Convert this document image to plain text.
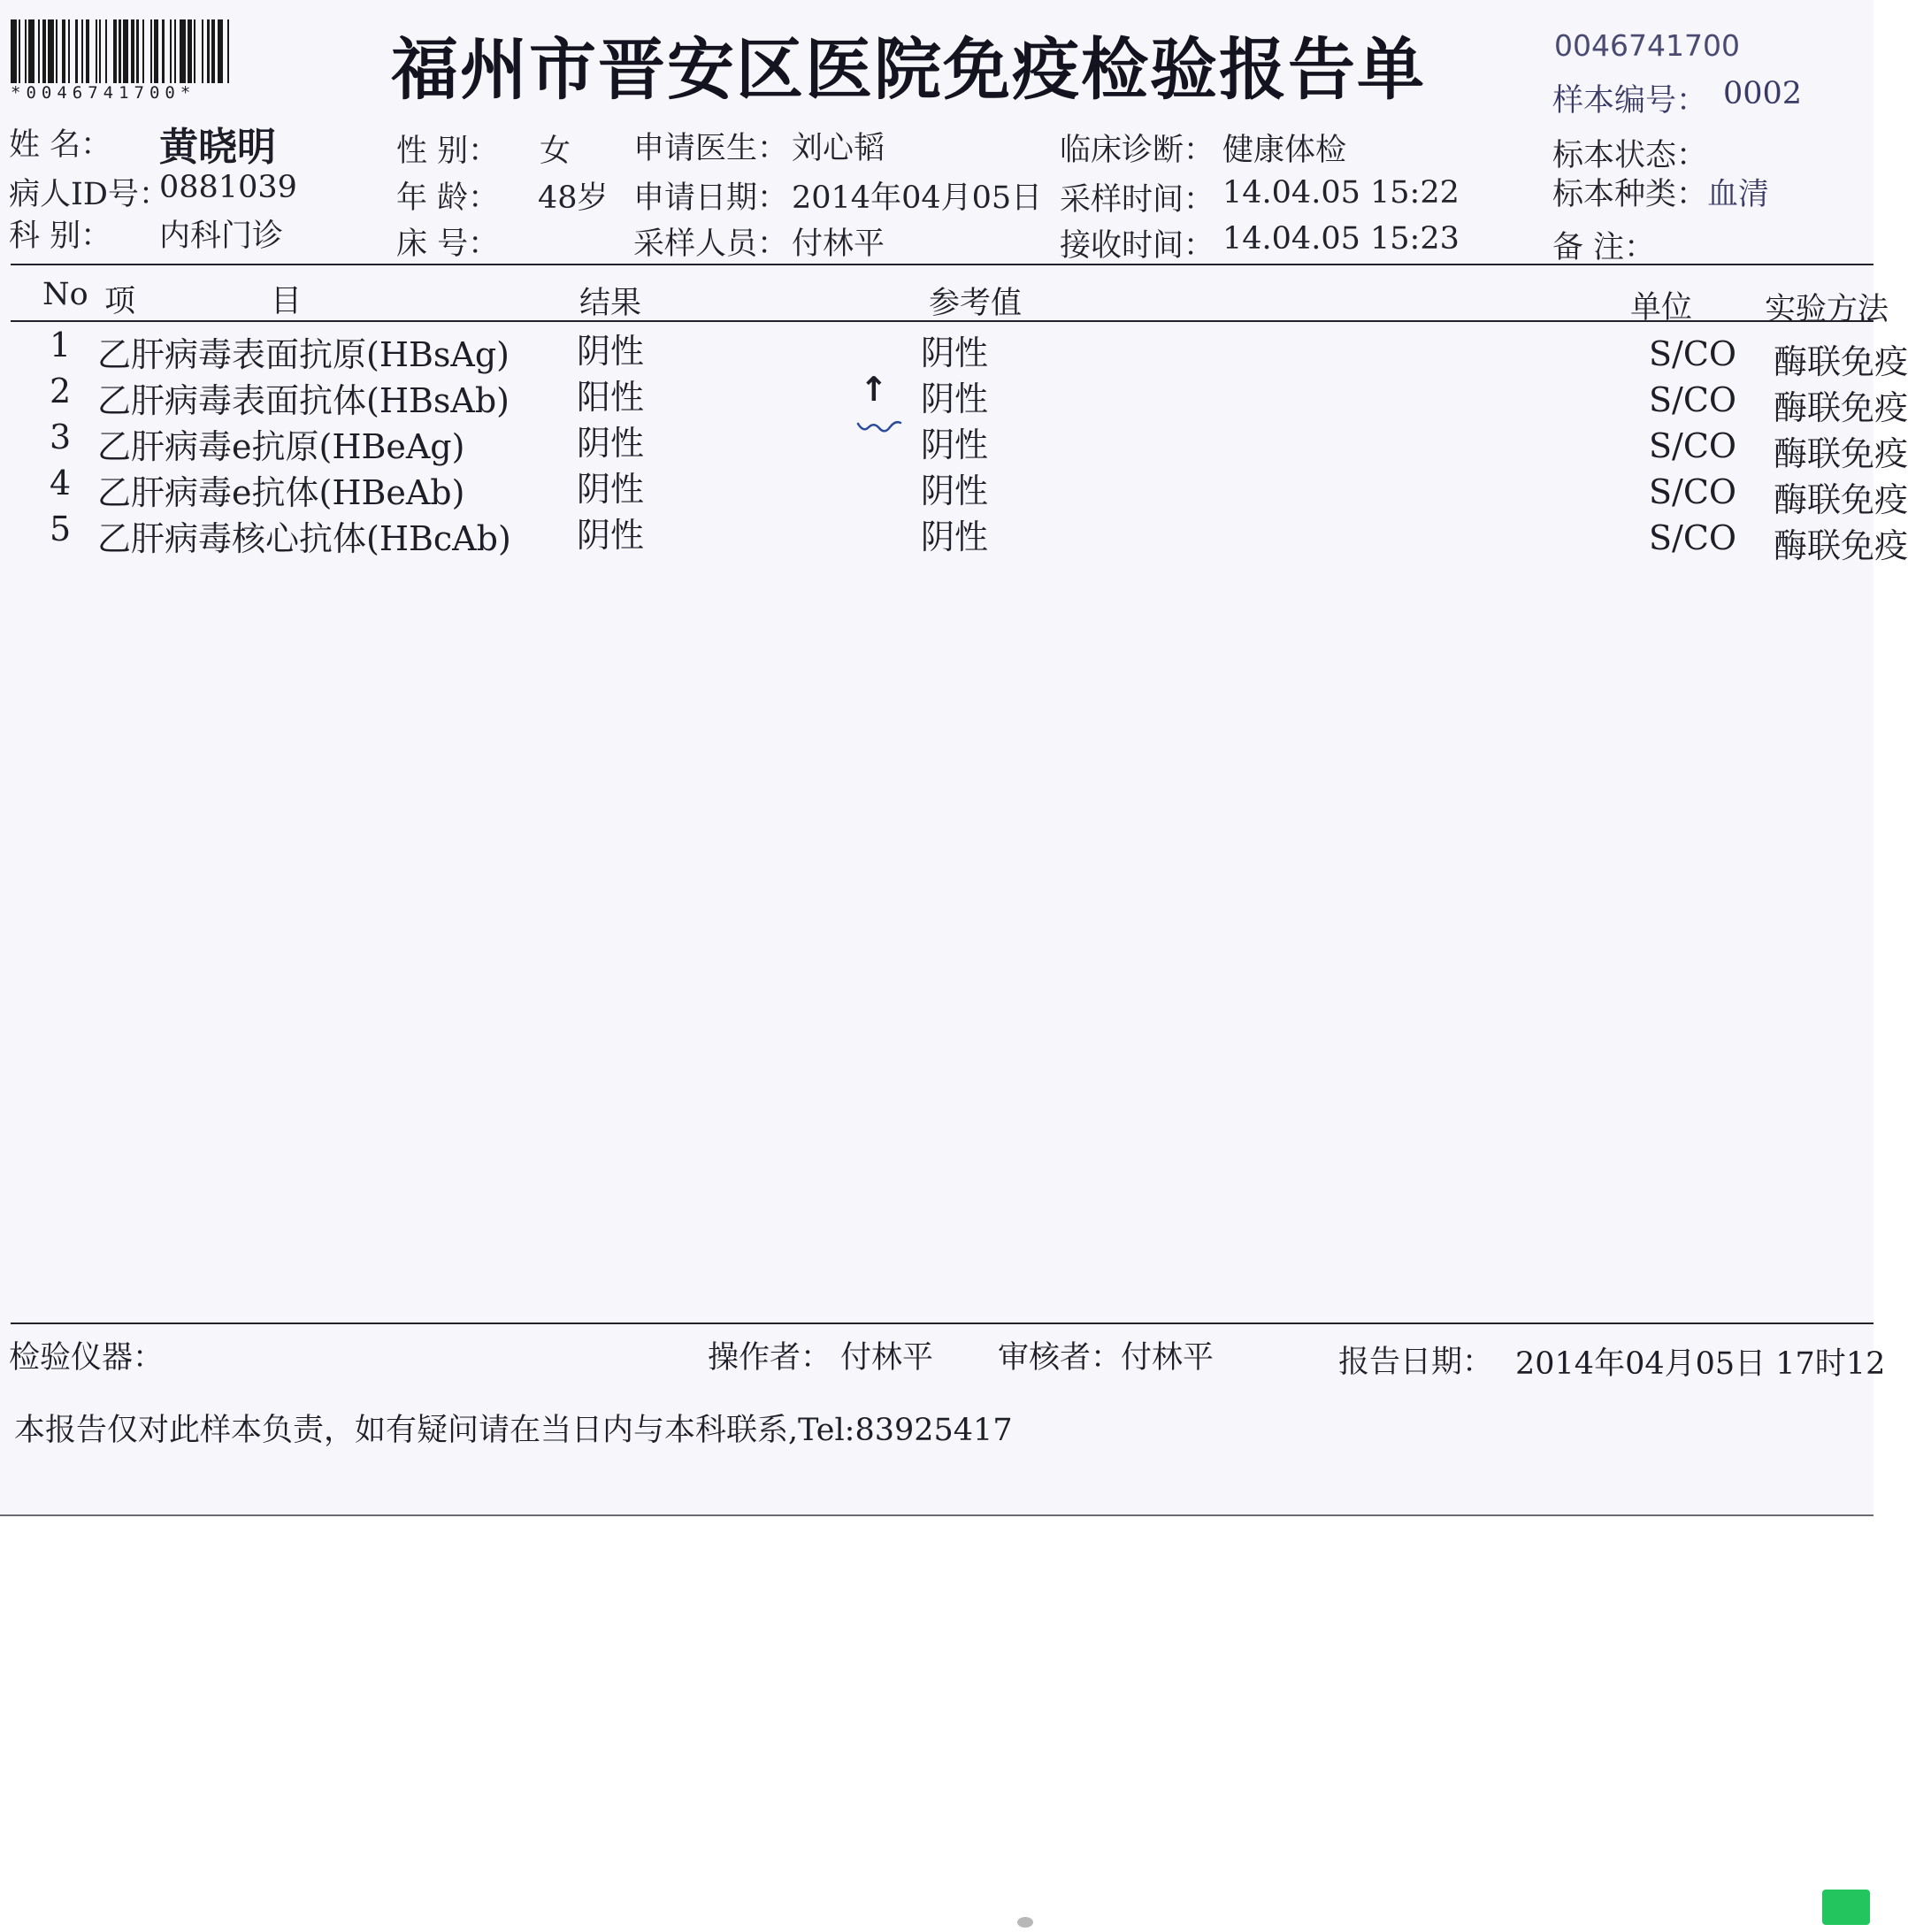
*0046741700*	福州市晋安区医院免疫检验报告单	0046741700
姓 名： 黄晓明
病人ID号：
0881039
科 别： 内科门诊
性 别： 女
年 龄： 48岁
床 号：
申请医生： 刘心韬
申请日期： 2014年04月05日
采样人员： 付林平
临床诊断： 健康体检
采样时间： 14.04.05 15:22
接收时间： 14.04.05 15:23
样本编号： 0002
标本状态：
标本种类： 血清
备 注：
No 项	目	结果	参考值	单位 实验方法
1 乙肝病毒表面抗原(HBsAg) 阴性	阴性	S/CO 酶联免疫
2 乙肝病毒表面抗体(HBsAb) 阳性	↑ 阴性	S/CO 酶联免疫
3 乙肝病毒e抗原(HBeAg)	阴性	阴性	S/CO 酶联免疫
4 乙肝病毒e抗体(HBeAb)	阴性	阴性	S/CO 酶联免疫
5 乙肝病毒核心抗体(HBcAb) 阴性	阴性	S/CO 酶联免疫
检验仪器：	操作者： 付林平 审核者：
付林平	报告日期： 2014年04月05日 17时12
本报告仅对此样本负责，如有疑问请在当日内与本科联系,Tel:83925417
